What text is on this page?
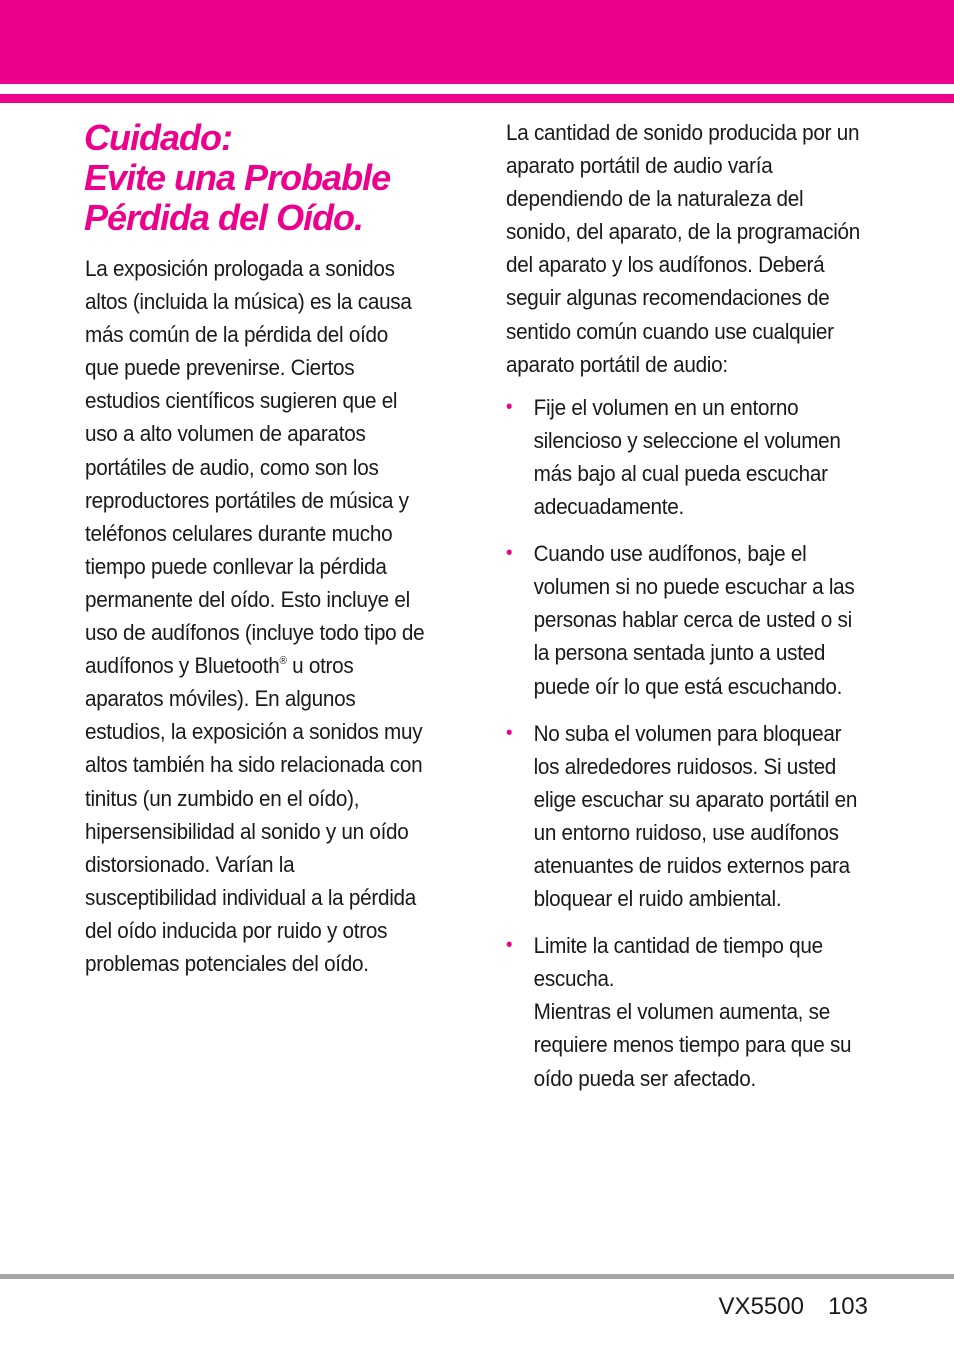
Cuidado:
Evite una Probable
Pérdida del Oído.

La exposición prologada a sonidos altos (incluida la música) es la causa más común de la pérdida del oído que puede prevenirse. Ciertos estudios científicos sugieren que el uso a alto volumen de aparatos portátiles de audio, como son los reproductores portátiles de música y teléfonos celulares durante mucho tiempo puede conllevar la pérdida permanente del oído. Esto incluye el uso de audífonos (incluye todo tipo de audífonos y Bluetooth® u otros aparatos móviles). En algunos estudios, la exposición a sonidos muy altos también ha sido relacionada con tinitus (un zumbido en el oído), hipersensibilidad al sonido y un oído distorsionado. Varían la susceptibilidad individual a la pérdida del oído inducida por ruido y otros problemas potenciales del oído.

La cantidad de sonido producida por un aparato portátil de audio varía dependiendo de la naturaleza del sonido, del aparato, de la programación del aparato y los audífonos. Deberá seguir algunas recomendaciones de sentido común cuando use cualquier aparato portátil de audio:

• Fije el volumen en un entorno silencioso y seleccione el volumen más bajo al cual pueda escuchar adecuadamente.
• Cuando use audífonos, baje el volumen si no puede escuchar a las personas hablar cerca de usted o si la persona sentada junto a usted puede oír lo que está escuchando.
• No suba el volumen para bloquear los alrededores ruidosos. Si usted elige escuchar su aparato portátil en un entorno ruidoso, use audífonos atenuantes de ruidos externos para bloquear el ruido ambiental.
• Limite la cantidad de tiempo que escucha.
Mientras el volumen aumenta, se requiere menos tiempo para que su oído pueda ser afectado.
VX5500 103
